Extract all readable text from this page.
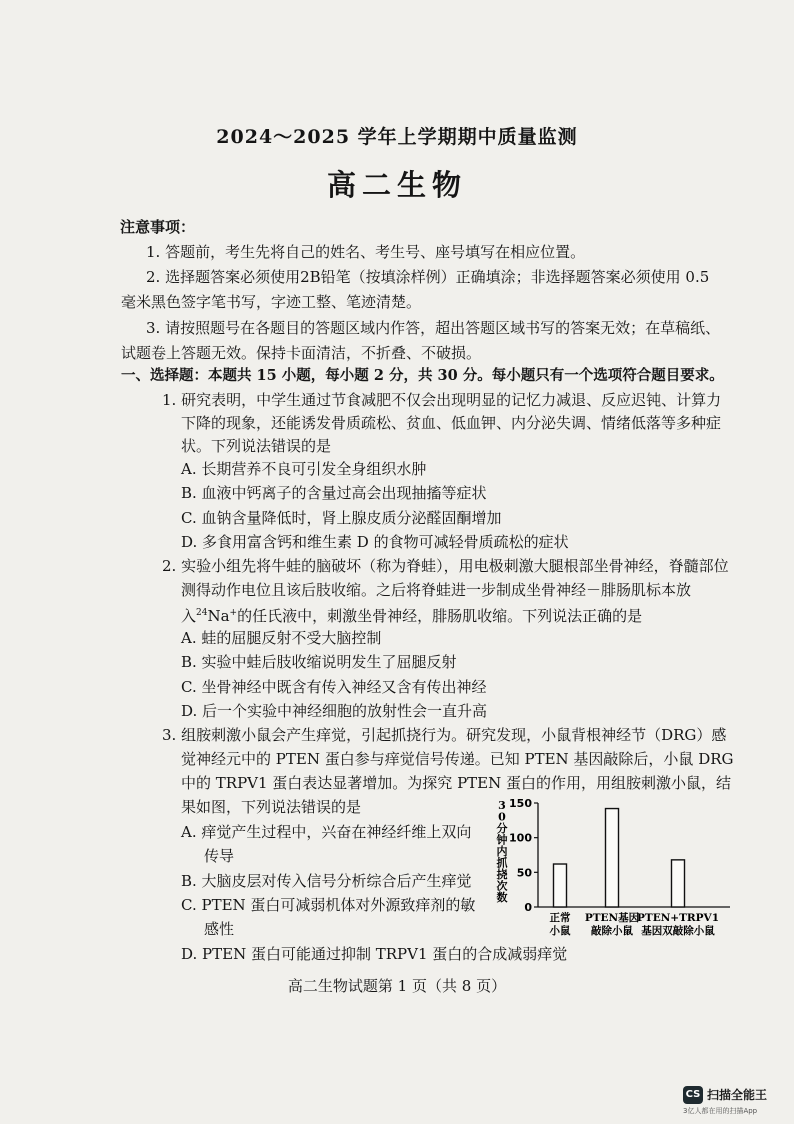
2024～2025 学年上学期期中质量监测
高二生物
注意事项：
1. 答题前，考生先将自己的姓名、考生号、座号填写在相应位置。
2. 选择题答案必须使用2B铅笔（按填涂样例）正确填涂；非选择题答案必须使用 0.5
毫米黑色签字笔书写，字迹工整、笔迹清楚。
3. 请按照题号在各题目的答题区域内作答，超出答题区域书写的答案无效；在草稿纸、
试题卷上答题无效。保持卡面清洁，不折叠、不破损。
一、选择题：本题共 15 小题，每小题 2 分，共 30 分。每小题只有一个选项符合题目要求。
1. 研究表明，中学生通过节食减肥不仅会出现明显的记忆力减退、反应迟钝、计算力
下降的现象，还能诱发骨质疏松、贫血、低血钾、内分泌失调、情绪低落等多种症
状。下列说法错误的是
A. 长期营养不良可引发全身组织水肿
B. 血液中钙离子的含量过高会出现抽搐等症状
C. 血钠含量降低时，肾上腺皮质分泌醛固酮增加
D. 多食用富含钙和维生素 D 的食物可减轻骨质疏松的症状
2. 实验小组先将牛蛙的脑破坏（称为脊蛙），用电极刺激大腿根部坐骨神经，脊髓部位
测得动作电位且该后肢收缩。之后将脊蛙进一步制成坐骨神经－腓肠肌标本放
入$^{24}$Na+的任氏液中，刺激坐骨神经，腓肠肌收缩。下列说法正确的是
A. 蛙的屈腿反射不受大脑控制
B. 实验中蛙后肢收缩说明发生了屈腿反射
C. 坐骨神经中既含有传入神经又含有传出神经
D. 后一个实验中神经细胞的放射性会一直升高
3. 组胺刺激小鼠会产生痒觉，引起抓挠行为。研究发现，小鼠背根神经节（DRG）感
觉神经元中的 PTEN 蛋白参与痒觉信号传递。已知 PTEN 基因敲除后，小鼠 DRG
中的 TRPV1 蛋白表达显著增加。为探究 PTEN 蛋白的作用，用组胺刺激小鼠，结
果如图，下列说法错误的是
A. 痒觉产生过程中，兴奋在神经纤维上双向
传导
B. 大脑皮层对传入信号分析综合后产生痒觉
C. PTEN 蛋白可减弱机体对外源致痒剂的敏
感性
D. PTEN 蛋白可能通过抑制 TRPV1 蛋白的合成减弱痒觉
3
0
分
钟
内
抓
挠
次
数
150
100
50
0
正常
小鼠
PTEN基因
敲除小鼠
PTEN+TRPV1
基因双敲除小鼠
高二生物试题第 1 页（共 8 页）
CS 扫描全能王
3亿人都在用的扫描App
